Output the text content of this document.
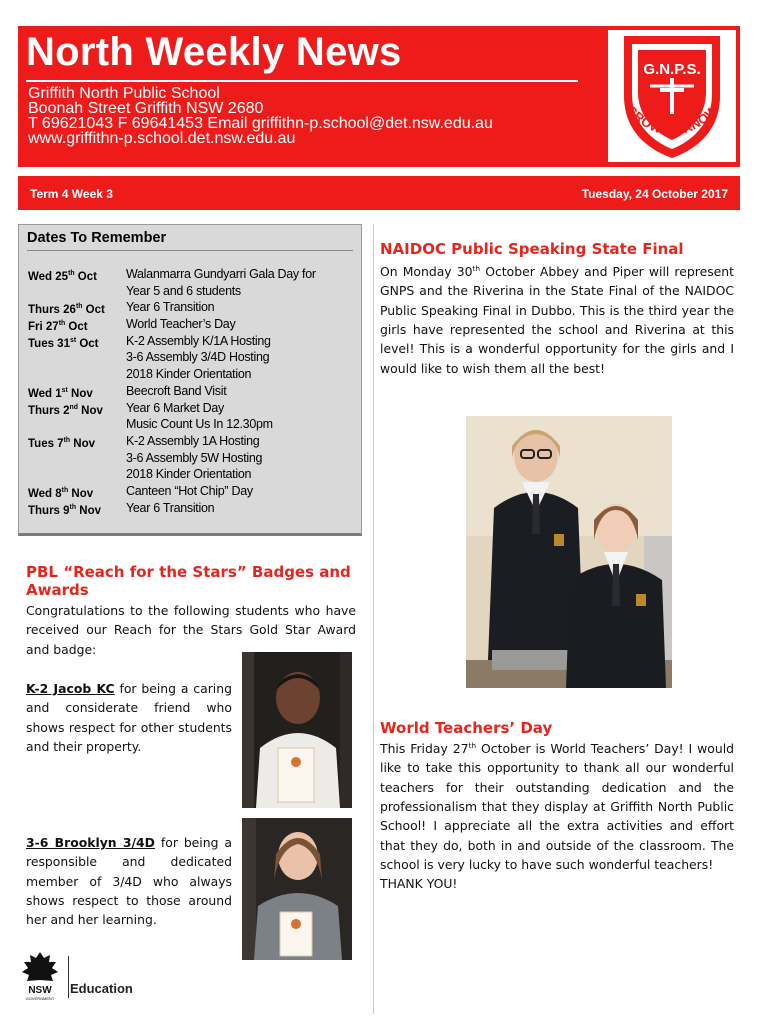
North Weekly News
Griffith North Public School
Boonah Street Griffith NSW 2680
T 69621043 F 69641453 Email griffithn-p.school@det.nsw.edu.au
www.griffithn-p.school.det.nsw.edu.au
G.N.P.S.
GROW TO KNOW
Term 4 Week 3	Tuesday, 24 October 2017
Dates To Remember
Wed 25th Oct
Thurs 26th Oct
Fri 27th Oct
Tues 31st Oct
Wed 1st Nov
Thurs 2nd Nov
Tues 7th Nov
Wed 8th Nov
Thurs 9th Nov
Walanmarra Gundyarri Gala Day for
Year 5 and 6 students
Year 6 Transition
World Teacher’s Day
K-2 Assembly K/1A Hosting
3-6 Assembly 3/4D Hosting
2018 Kinder Orientation
Beecroft Band Visit
Year 6 Market Day
Music Count Us In 12.30pm
K-2 Assembly 1A Hosting
3-6 Assembly 5W Hosting
2018 Kinder Orientation
Canteen “Hot Chip” Day
Year 6 Transition
NAIDOC Public Speaking State Final
On Monday 30th October Abbey and Piper will represent GNPS and the Riverina in the State Final of the NAIDOC Public Speaking Final in Dubbo. This is the third year the girls have represented the school and Riverina at this level! This is a wonderful opportunity for the girls and I would like to wish them all the best!
PBL “Reach for the Stars” Badges and Awards
Congratulations to the following students who have received our Reach for the Stars Gold Star Award and badge:
K-2 Jacob KC for being a caring and considerate friend who shows respect for other students and their property.
3-6 Brooklyn 3/4D for being a responsible and dedicated member of 3/4D who always shows respect to those around her and her learning.
World Teachers’ Day
This Friday 27th October is World Teachers’ Day! I would like to take this opportunity to thank all our wonderful teachers for their outstanding dedication and the professionalism that they display at Griffith North Public School! I appreciate all the extra activities and effort that they do, both in and outside of the classroom. The school is very lucky to have such wonderful teachers!
THANK YOU!
NSW
GOVERNMENT
Education
